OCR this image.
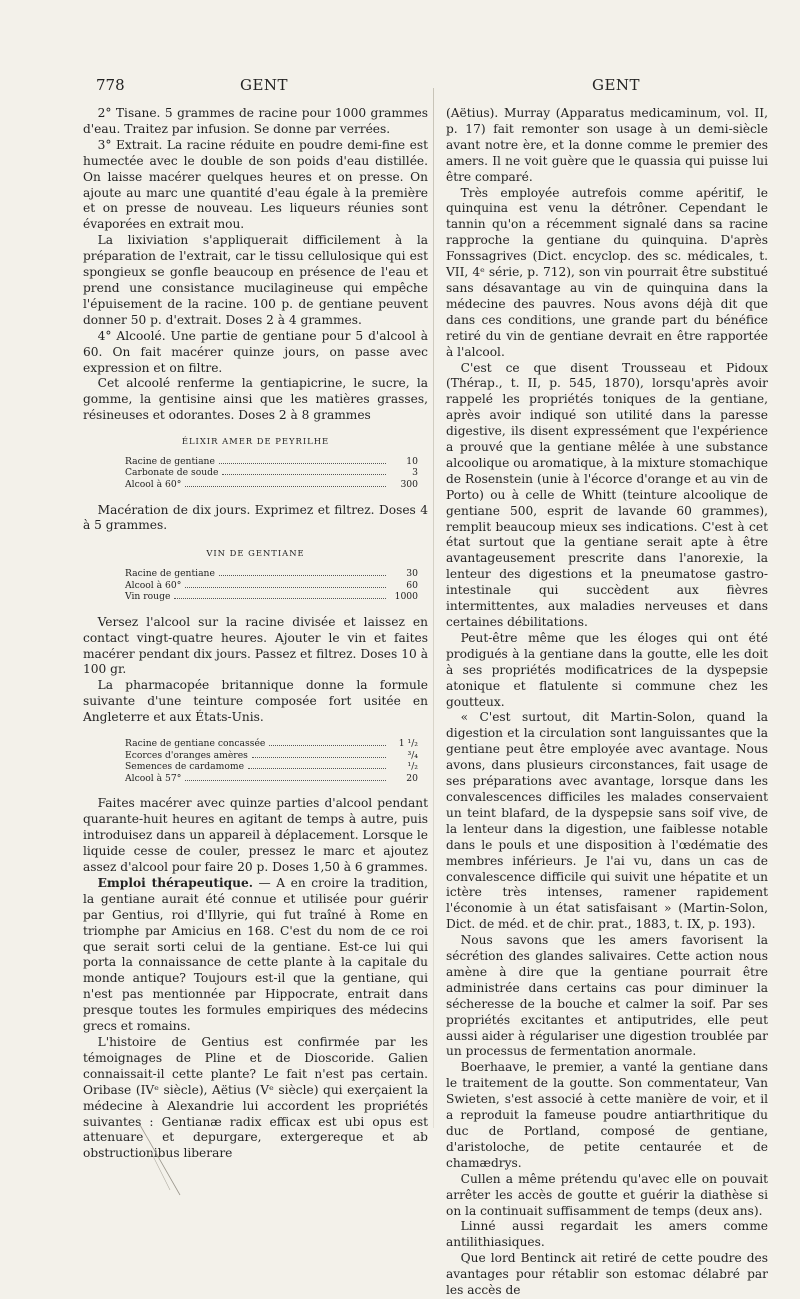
778	GENT	GENT

2° Tisane. 5 grammes de racine pour 1000 grammes d'eau. Traitez par infusion. Se donne par verrées.

3° Extrait. La racine réduite en poudre demi-fine est humectée avec le double de son poids d'eau distillée. On laisse macérer quelques heures et on presse. On ajoute au marc une quantité d'eau égale à la première et on presse de nouveau. Les liqueurs réunies sont évaporées en extrait mou.

La lixiviation s'appliquerait difficilement à la préparation de l'extrait, car le tissu cellulosique qui est spongieux se gonfle beaucoup en présence de l'eau et prend une consistance mucilagineuse qui empêche l'épuisement de la racine. 100 p. de gentiane peuvent donner 50 p. d'extrait. Doses 2 à 4 grammes.

4° Alcoolé. Une partie de gentiane pour 5 d'alcool à 60. On fait macérer quinze jours, on passe avec expression et on filtre.

Cet alcoolé renferme la gentiapicrine, le sucre, la gomme, la gentisine ainsi que les matières grasses, résineuses et odorantes. Doses 2 à 8 grammes

ÉLIXIR AMER DE PEYRILHE
Racine de gentiane	10
Carbonate de soude	3
Alcool à 60°	300

Macération de dix jours. Exprimez et filtrez. Doses 4 à 5 grammes.

VIN DE GENTIANE
Racine de gentiane	30
Alcool à 60°	60
Vin rouge	1000

Versez l'alcool sur la racine divisée et laissez en contact vingt-quatre heures. Ajouter le vin et faites macérer pendant dix jours. Passez et filtrez. Doses 10 à 100 gr.

La pharmacopée britannique donne la formule suivante d'une teinture composée fort usitée en Angleterre et aux États-Unis.

Racine de gentiane concassée	1 ¹/₂
Ecorces d'oranges amères	³/₄
Semences de cardamome	¹/₂
Alcool à 57°	20

Faites macérer avec quinze parties d'alcool pendant quarante-huit heures en agitant de temps à autre, puis introduisez dans un appareil à déplacement. Lorsque le liquide cesse de couler, pressez le marc et ajoutez assez d'alcool pour faire 20 p. Doses 1,50 à 6 grammes.

Emploi thérapeutique. — A en croire la tradition, la gentiane aurait été connue et utilisée pour guérir par Gentius, roi d'Illyrie, qui fut traîné à Rome en triomphe par Amicius en 168. C'est du nom de ce roi que serait sorti celui de la gentiane. Est-ce lui qui porta la connaissance de cette plante à la capitale du monde antique? Toujours est-il que la gentiane, qui n'est pas mentionnée par Hippocrate, entrait dans presque toutes les formules empiriques des médecins grecs et romains.

L'histoire de Gentius est confirmée par les témoignages de Pline et de Dioscoride. Galien connaissait-il cette plante? Le fait n'est pas certain. Oribase (IVᵉ siècle), Aëtius (Vᵉ siècle) qui exerçaient la médecine à Alexandrie lui accordent les propriétés suivantes : Gentianæ radix efficax est ubi opus est attenuare et depurgare, extergereque et ab obstructionibus liberare

(Aëtius). Murray (Apparatus medicaminum, vol. II, p. 17) fait remonter son usage à un demi-siècle avant notre ère, et la donne comme le premier des amers. Il ne voit guère que le quassia qui puisse lui être comparé.

Très employée autrefois comme apéritif, le quinquina est venu la détrôner. Cependant le tannin qu'on a récemment signalé dans sa racine rapproche la gentiane du quinquina. D'après Fonssagrives (Dict. encyclop. des sc. médicales, t. VII, 4ᵉ série, p. 712), son vin pourrait être substitué sans désavantage au vin de quinquina dans la médecine des pauvres. Nous avons déjà dit que dans ces conditions, une grande part du bénéfice retiré du vin de gentiane devrait en être rapportée à l'alcool.

C'est ce que disent Trousseau et Pidoux (Thérap., t. II, p. 545, 1870), lorsqu'après avoir rappelé les propriétés toniques de la gentiane, après avoir indiqué son utilité dans la paresse digestive, ils disent expressément que l'expérience a prouvé que la gentiane mêlée à une substance alcoolique ou aromatique, à la mixture stomachique de Rosenstein (unie à l'écorce d'orange et au vin de Porto) ou à celle de Whitt (teinture alcoolique de gentiane 500, esprit de lavande 60 grammes), remplit beaucoup mieux ses indications. C'est à cet état surtout que la gentiane serait apte à être avantageusement prescrite dans l'anorexie, la lenteur des digestions et la pneumatose gastro-intestinale qui succèdent aux fièvres intermittentes, aux maladies nerveuses et dans certaines débilitations.

Peut-être même que les éloges qui ont été prodigués à la gentiane dans la goutte, elle les doit à ses propriétés modificatrices de la dyspepsie atonique et flatulente si commune chez les goutteux.

« C'est surtout, dit Martin-Solon, quand la digestion et la circulation sont languissantes que la gentiane peut être employée avec avantage. Nous avons, dans plusieurs circonstances, fait usage de ses préparations avec avantage, lorsque dans les convalescences difficiles les malades conservaient un teint blafard, de la dyspepsie sans soif vive, de la lenteur dans la digestion, une faiblesse notable dans le pouls et une disposition à l'œdématie des membres inférieurs. Je l'ai vu, dans un cas de convalescence difficile qui suivit une hépatite et un ictère très intenses, ramener rapidement l'économie à un état satisfaisant » (Martin-Solon, Dict. de méd. et de chir. prat., 1883, t. IX, p. 193).

Nous savons que les amers favorisent la sécrétion des glandes salivaires. Cette action nous amène à dire que la gentiane pourrait être administrée dans certains cas pour diminuer la sécheresse de la bouche et calmer la soif. Par ses propriétés excitantes et antiputrides, elle peut aussi aider à régulariser une digestion troublée par un processus de fermentation anormale.

Boerhaave, le premier, a vanté la gentiane dans le traitement de la goutte. Son commentateur, Van Swieten, s'est associé à cette manière de voir, et il a reproduit la fameuse poudre antiarthritique du duc de Portland, composé de gentiane, d'aristoloche, de petite centaurée et de chamædrys.

Cullen a même prétendu qu'avec elle on pouvait arrêter les accès de goutte et guérir la diathèse si on la continuait suffisamment de temps (deux ans).

Linné aussi regardait les amers comme antilithiasiques.

Que lord Bentinck ait retiré de cette poudre des avantages pour rétablir son estomac délabré par les accès de
